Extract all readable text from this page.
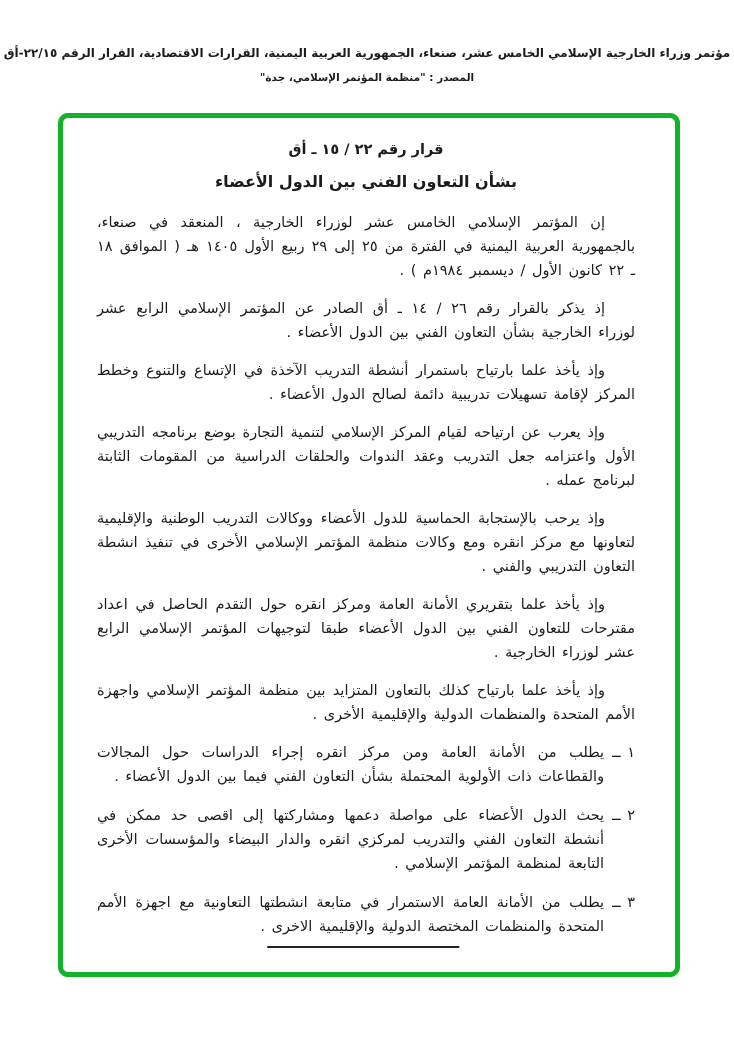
مؤتمر وزراء الخارجية الإسلامي الخامس عشر، صنعاء، الجمهورية العربية اليمنية، القرارات الاقتصادية، القرار الرقم ٢٢/١٥-أق
المصدر : "منظمة المؤتمر الإسلامي، جدة"
قرار رقم ٢٢ / ١٥ ـ أق
بشأن التعاون الفني بين الدول الأعضاء

إن المؤتمر الإسلامي الخامس عشر لوزراء الخارجية ، المنعقد في صنعاء، بالجمهورية العربية اليمنية في الفترة من ٢٥ إلى ٢٩ ربيع الأول ١٤٠٥ هـ ( الموافق ١٨ ـ ٢٢ كانون الأول / ديسمبر ١٩٨٤م ) .

إذ يذكر بالقرار رقم ٢٦ / ١٤ ـ أق الصادر عن المؤتمر الإسلامي الرابع عشر لوزراء الخارجية بشأن التعاون الفني بين الدول الأعضاء .

وإذ يأخذ علما بارتياح باستمرار أنشطة التدريب الآخذة في الإتساع والتنوع وخطط المركز لإقامة تسهيلات تدريبية دائمة لصالح الدول الأعضاء .

وإذ يعرب عن ارتياحه لقيام المركز الإسلامي لتنمية التجارة بوضع برنامجه التدريبي الأول واعتزامه جعل التدريب وعقد الندوات والحلقات الدراسية من المقومات الثابتة لبرنامج عمله .

وإذ يرحب بالإستجابة الحماسية للدول الأعضاء ووكالات التدريب الوطنية والإقليمية لتعاونها مع مركز انقره ومع وكالات منظمة المؤتمر الإسلامي الأخرى في تنفيذ انشطة التعاون التدريبي والفني .

وإذ يأخذ علما بتقريري الأمانة العامة ومركز انقره حول التقدم الحاصل في اعداد مقترحات للتعاون الفني بين الدول الأعضاء طبقا لتوجيهات المؤتمر الإسلامي الرابع عشر لوزراء الخارجية .

وإذ يأخذ علما بارتياح كذلك بالتعاون المتزايد بين منظمة المؤتمر الإسلامي واجهزة الأمم المتحدة والمنظمات الدولية والإقليمية الأخرى .

١ ــ
يطلب من الأمانة العامة ومن مركز انقره إجراء الدراسات حول المجالات والقطاعات ذات الأولوية المحتملة بشأن التعاون الفني فيما بين الدول الأعضاء .
٢ ــ
يحث الدول الأعضاء على مواصلة دعمها ومشاركتها إلى اقصى حد ممكن في أنشطة التعاون الفني والتدريب لمركزي انقره والدار البيضاء والمؤسسات الأخرى التابعة لمنظمة المؤتمر الإسلامي .
٣ ــ
يطلب من الأمانة العامة الاستمرار في متابعة انشطتها التعاونية مع اجهزة الأمم المتحدة والمنظمات المختصة الدولية والإقليمية الاخرى .
